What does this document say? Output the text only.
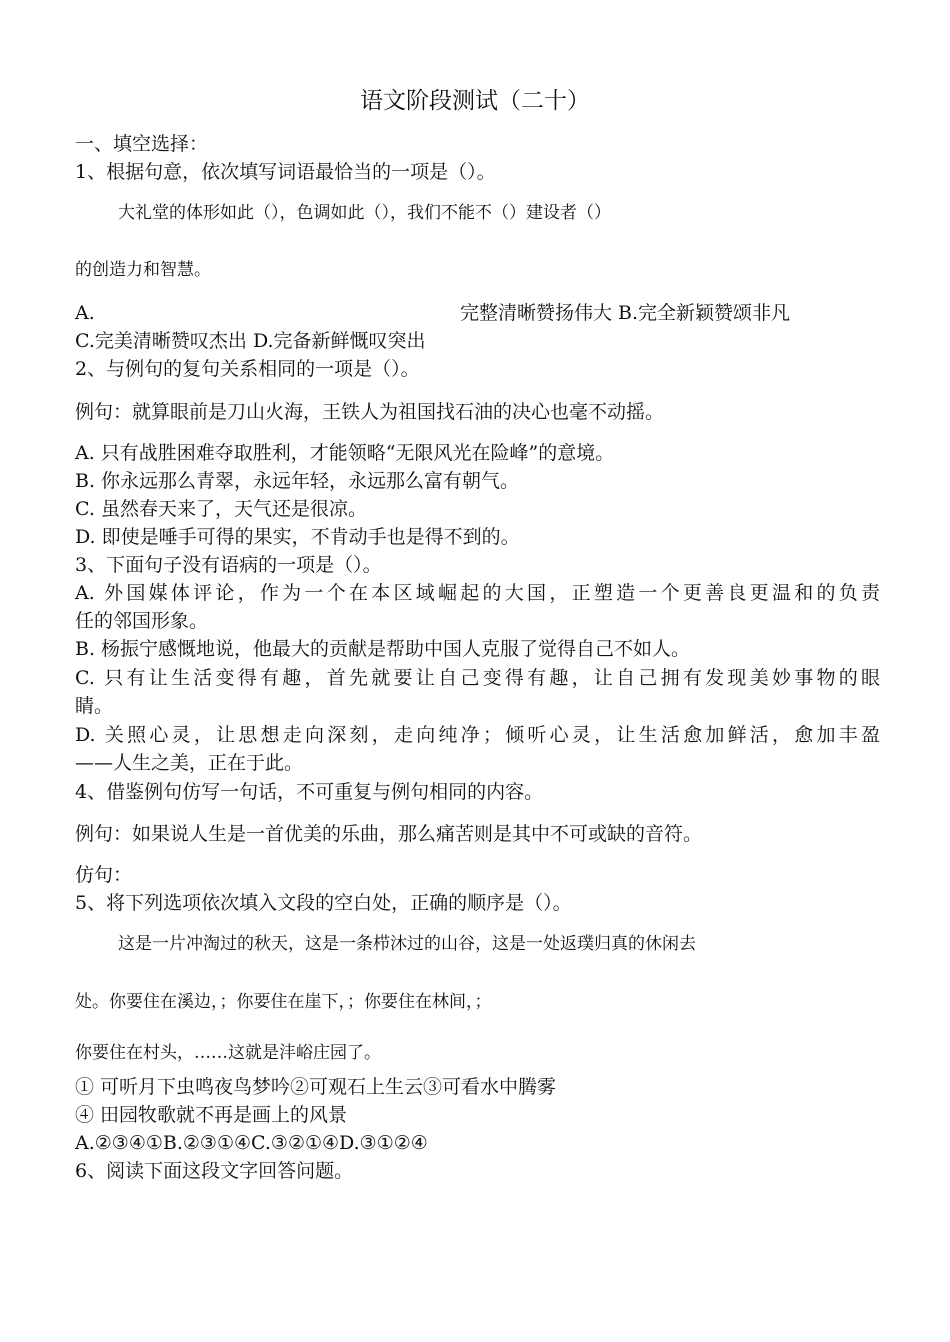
语文阶段测试（二十）
一、填空选择：
1、根据句意，依次填写词语最恰当的一项是（）。
大礼堂的体形如此（），色调如此（），我们不能不（）建设者（）
的创造力和智慧。
A.	完整清晰赞扬伟大 B.完全新颖赞颂非凡
C.完美清晰赞叹杰出 D.完备新鲜慨叹突出
2、与例句的复句关系相同的一项是（）。
例句：就算眼前是刀山火海，王铁人为祖国找石油的决心也毫不动摇。
A. 只有战胜困难夺取胜利，才能领略“无限风光在险峰”的意境。
B. 你永远那么青翠，永远年轻，永远那么富有朝气。
C. 虽然春天来了，天气还是很凉。
D. 即使是唾手可得的果实，不肯动手也是得不到的。
3、下面句子没有语病的一项是（）。
A. 外国媒体评论，作为一个在本区域崛起的大国，正塑造一个更善良更温和的负责
任的邻国形象。
B. 杨振宁感慨地说，他最大的贡献是帮助中国人克服了觉得自己不如人。
C. 只有让生活变得有趣，首先就要让自己变得有趣，让自己拥有发现美妙事物的眼
睛。
D. 关照心灵，让思想走向深刻，走向纯净；倾听心灵，让生活愈加鲜活，愈加丰盈
——人生之美，正在于此。
4、借鉴例句仿写一句话，不可重复与例句相同的内容。
例句：如果说人生是一首优美的乐曲，那么痛苦则是其中不可或缺的音符。
仿句：
5、将下列选项依次填入文段的空白处，正确的顺序是（）。
这是一片冲淘过的秋天，这是一条栉沐过的山谷，这是一处返璞归真的休闲去
处。你要住在溪边，；你要住在崖下，；你要住在林间，；
你要住在村头，……这就是沣峪庄园了。
① 可听月下虫鸣夜鸟梦吟②可观石上生云③可看水中腾雾
④ 田园牧歌就不再是画上的风景
A.②③④①B.②③①④C.③②①④D.③①②④
6、阅读下面这段文字回答问题。
